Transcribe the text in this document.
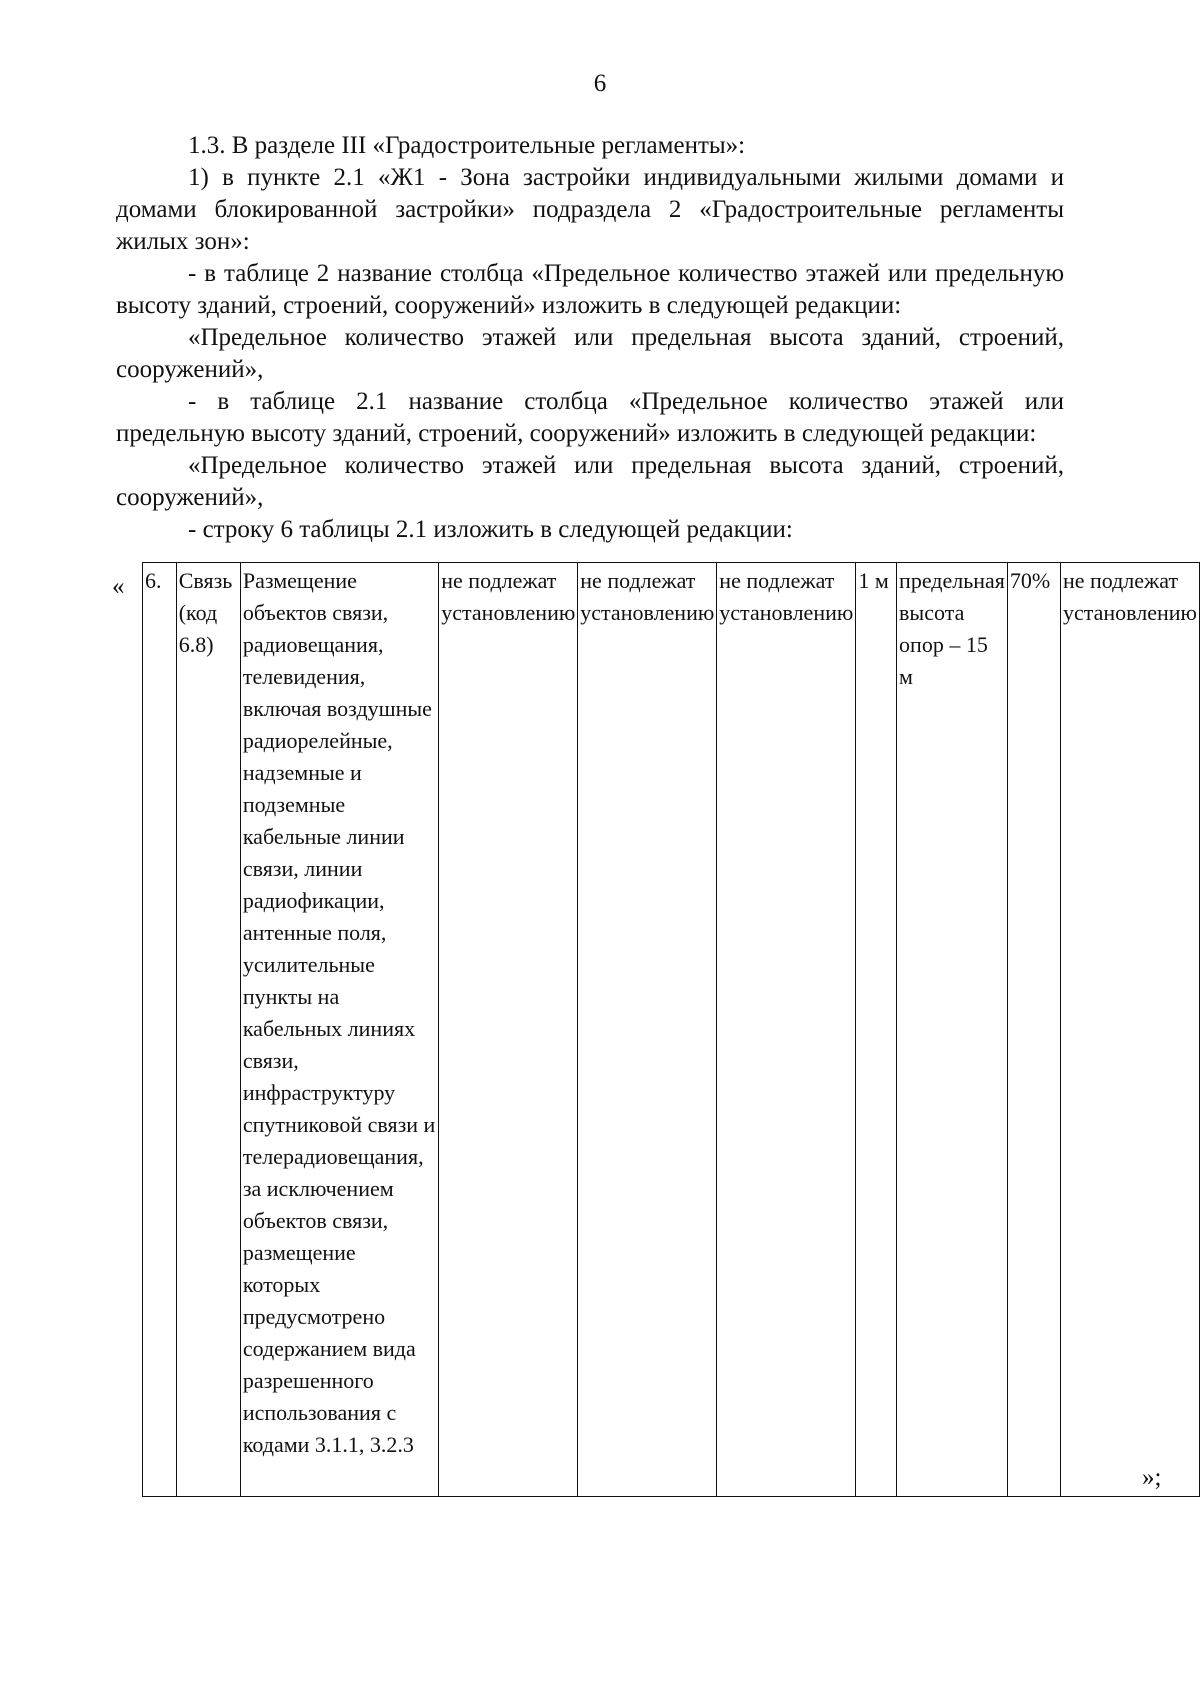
6

1.3. В разделе III «Градостроительные регламенты»:

1) в пункте 2.1 «Ж1 - Зона застройки индивидуальными жилыми домами и домами блокированной застройки» подраздела 2 «Градостроительные регламенты жилых зон»:

- в таблице 2 название столбца «Предельное количество этажей или предельную высоту зданий, строений, сооружений» изложить в следующей редакции:

«Предельное количество этажей или предельная высота зданий, строений, сооружений»,

- в таблице 2.1 название столбца «Предельное количество этажей или предельную высоту зданий, строений, сооружений» изложить в следующей редакции:

«Предельное количество этажей или предельная высота зданий, строений, сооружений»,

- строку 6 таблицы 2.1 изложить в следующей редакции:

« 6.	Связь (код 6.8)	Размещение объектов связи, радиовещания, телевидения, включая воздушные радиорелейные, надземные и подземные кабельные линии связи, линии радиофикации, антенные поля, усилительные пункты на кабельных линиях связи, инфраструктуру спутниковой связи и телерадиовещания, за исключением объектов связи, размещение которых предусмотрено содержанием вида разрешенного использования с кодами 3.1.1, 3.2.3	не подлежат установлению	не подлежат установлению	не подлежат установлению	1 м	предельная высота опор – 15 м	70%	не подлежат установлению
»;
